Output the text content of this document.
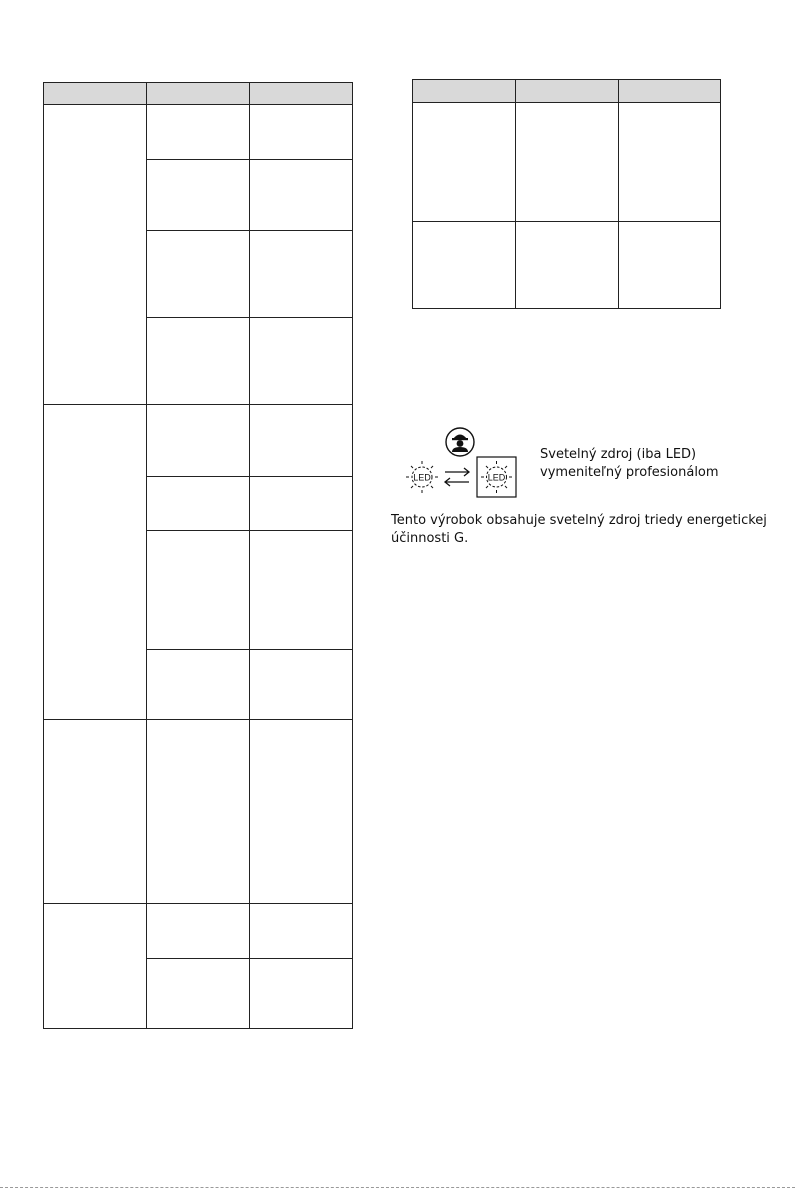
LED	LED
Svetelný zdroj (iba LED)
vymeniteľný profesionálom
Tento výrobok obsahuje svetelný zdroj triedy energetickej účinnosti G.
